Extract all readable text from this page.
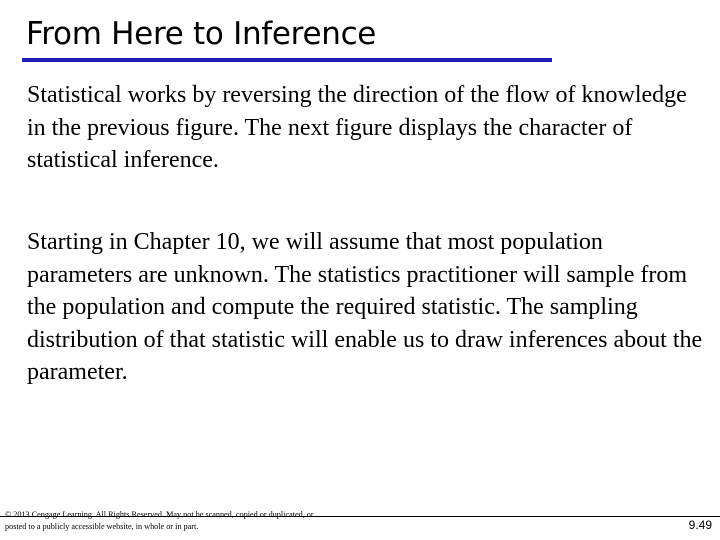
From Here to Inference
Statistical works by reversing the direction of the flow of knowledge in the previous figure. The next figure displays the character of statistical inference.
Starting in Chapter 10, we will assume that most population parameters are unknown. The statistics practitioner will sample from the population and compute the required statistic. The sampling distribution of that statistic will enable us to draw inferences about the parameter.
© 2013 Cengage Learning. All Rights Reserved. May not be scanned, copied or duplicated, or posted to a publicly accessible website, in whole or in part.	9.49
